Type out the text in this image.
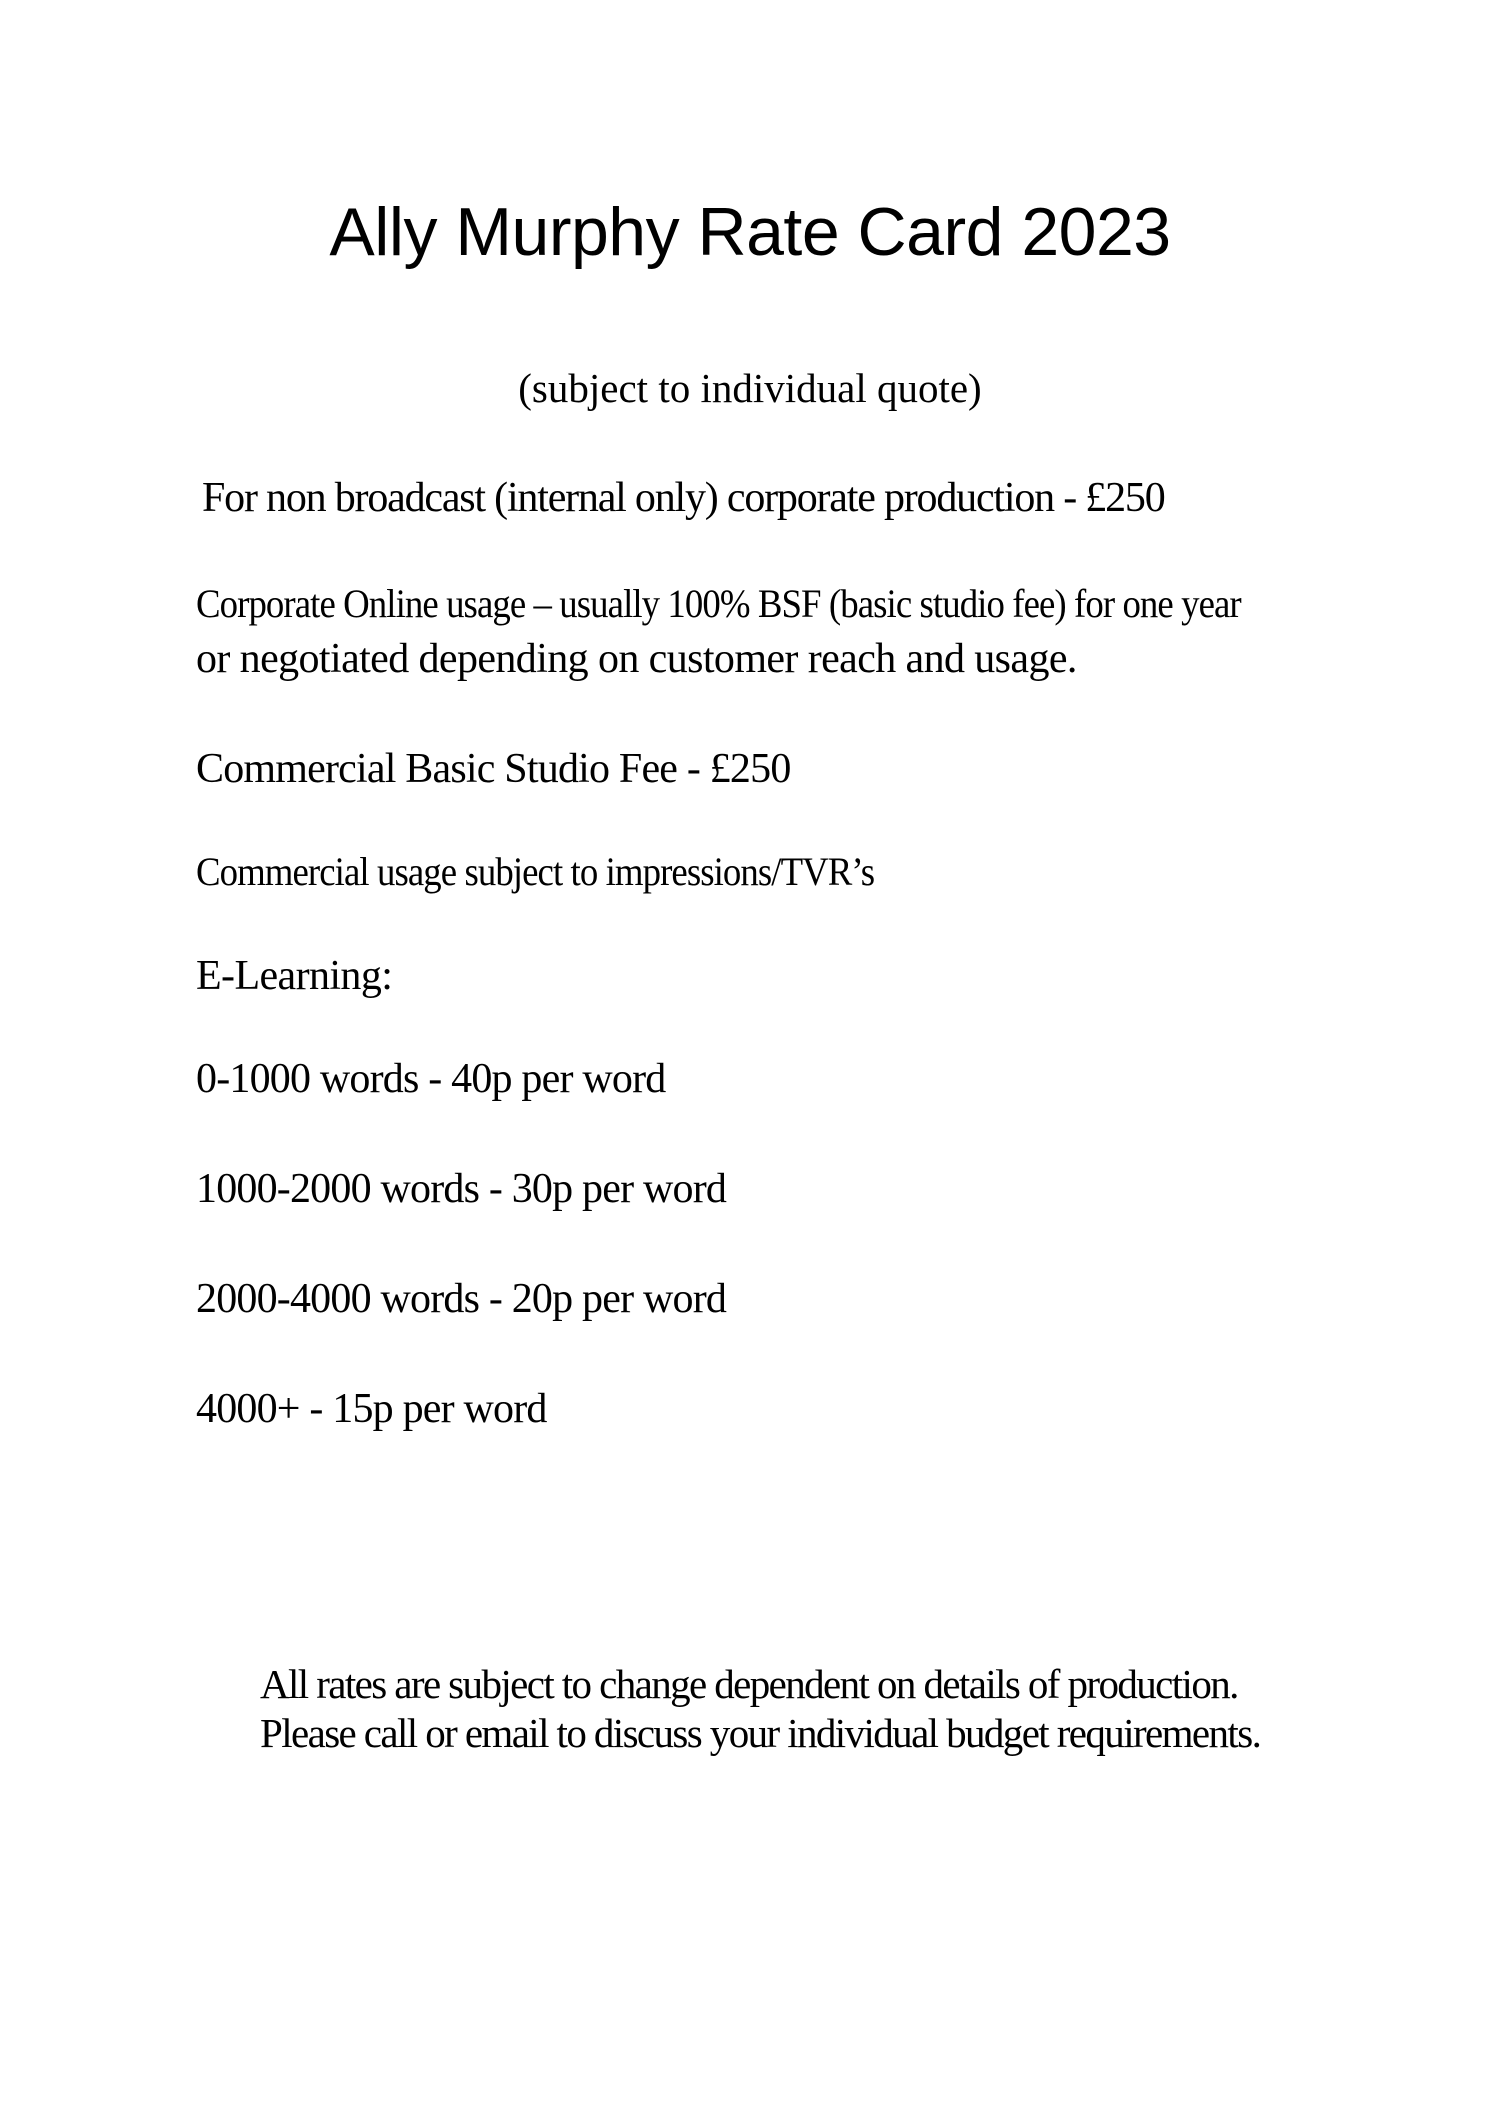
Ally Murphy Rate Card 2023
(subject to individual quote)
For non broadcast (internal only) corporate production - £250
Corporate Online usage – usually 100% BSF (basic studio fee) for one year
or negotiated depending on customer reach and usage.
Commercial Basic Studio Fee - £250
Commercial usage subject to impressions/TVR’s
E-Learning:
0-1000 words - 40p per word
1000-2000 words - 30p per word
2000-4000 words - 20p per word
4000+ - 15p per word
All rates are subject to change dependent on details of production.
Please call or email to discuss your individual budget requirements.
